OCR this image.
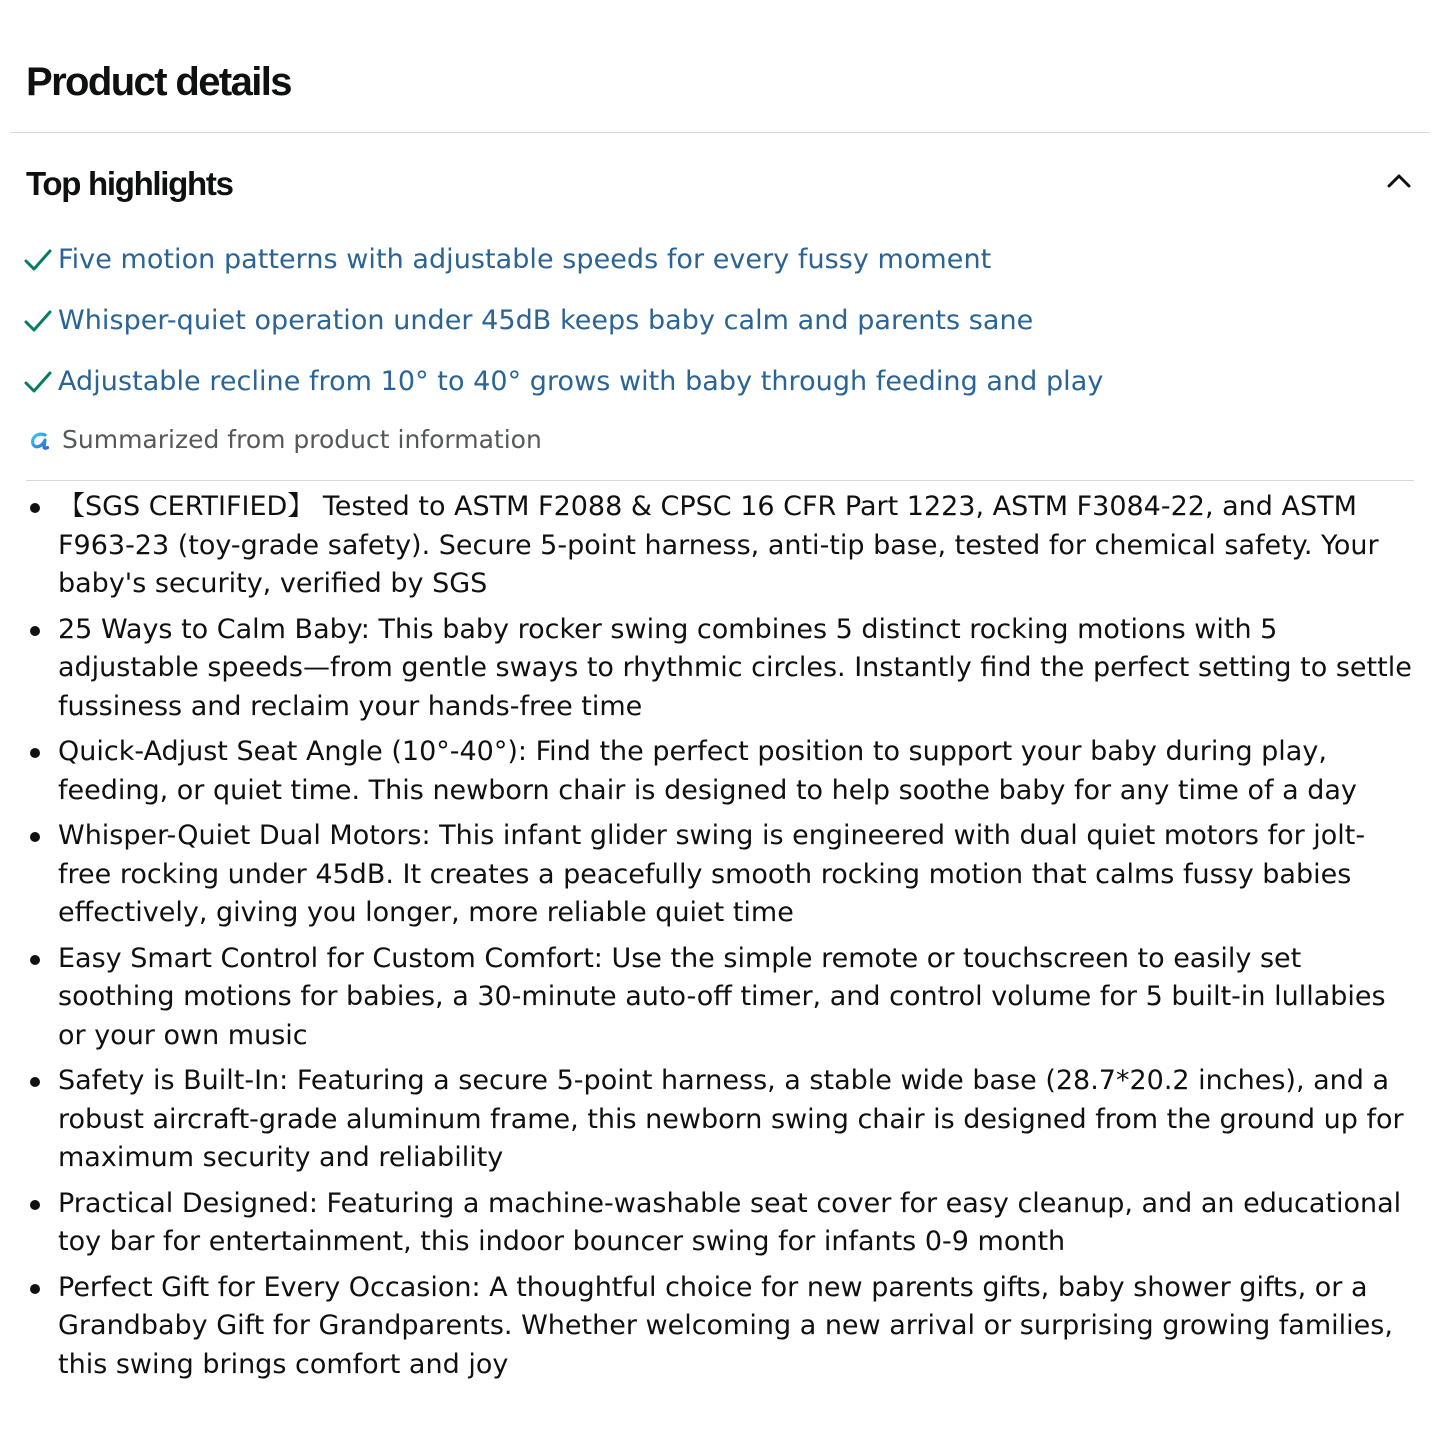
Product details
Top highlights
Five motion patterns with adjustable speeds for every fussy moment
Whisper-quiet operation under 45dB keeps baby calm and parents sane
Adjustable recline from 10° to 40° grows with baby through feeding and play
Summarized from product information
【SGS CERTIFIED】 Tested to ASTM F2088 & CPSC 16 CFR Part 1223, ASTM F3084-22, and ASTM F963-23 (toy-grade safety). Secure 5-point harness, anti-tip base, tested for chemical safety. Your baby's security, verified by SGS
25 Ways to Calm Baby: This baby rocker swing combines 5 distinct rocking motions with 5 adjustable speeds—from gentle sways to rhythmic circles. Instantly find the perfect setting to settle fussiness and reclaim your hands-free time
Quick-Adjust Seat Angle (10°-40°): Find the perfect position to support your baby during play, feeding, or quiet time. This newborn chair is designed to help soothe baby for any time of a day
Whisper-Quiet Dual Motors: This infant glider swing is engineered with dual quiet motors for jolt-free rocking under 45dB. It creates a peacefully smooth rocking motion that calms fussy babies effectively, giving you longer, more reliable quiet time
Easy Smart Control for Custom Comfort: Use the simple remote or touchscreen to easily set soothing motions for babies, a 30-minute auto-off timer, and control volume for 5 built-in lullabies or your own music
Safety is Built-In: Featuring a secure 5-point harness, a stable wide base (28.7*20.2 inches), and a robust aircraft-grade aluminum frame, this newborn swing chair is designed from the ground up for maximum security and reliability
Practical Designed: Featuring a machine-washable seat cover for easy cleanup, and an educational toy bar for entertainment, this indoor bouncer swing for infants 0-9 month
Perfect Gift for Every Occasion: A thoughtful choice for new parents gifts, baby shower gifts, or a Grandbaby Gift for Grandparents. Whether welcoming a new arrival or surprising growing families, this swing brings comfort and joy
